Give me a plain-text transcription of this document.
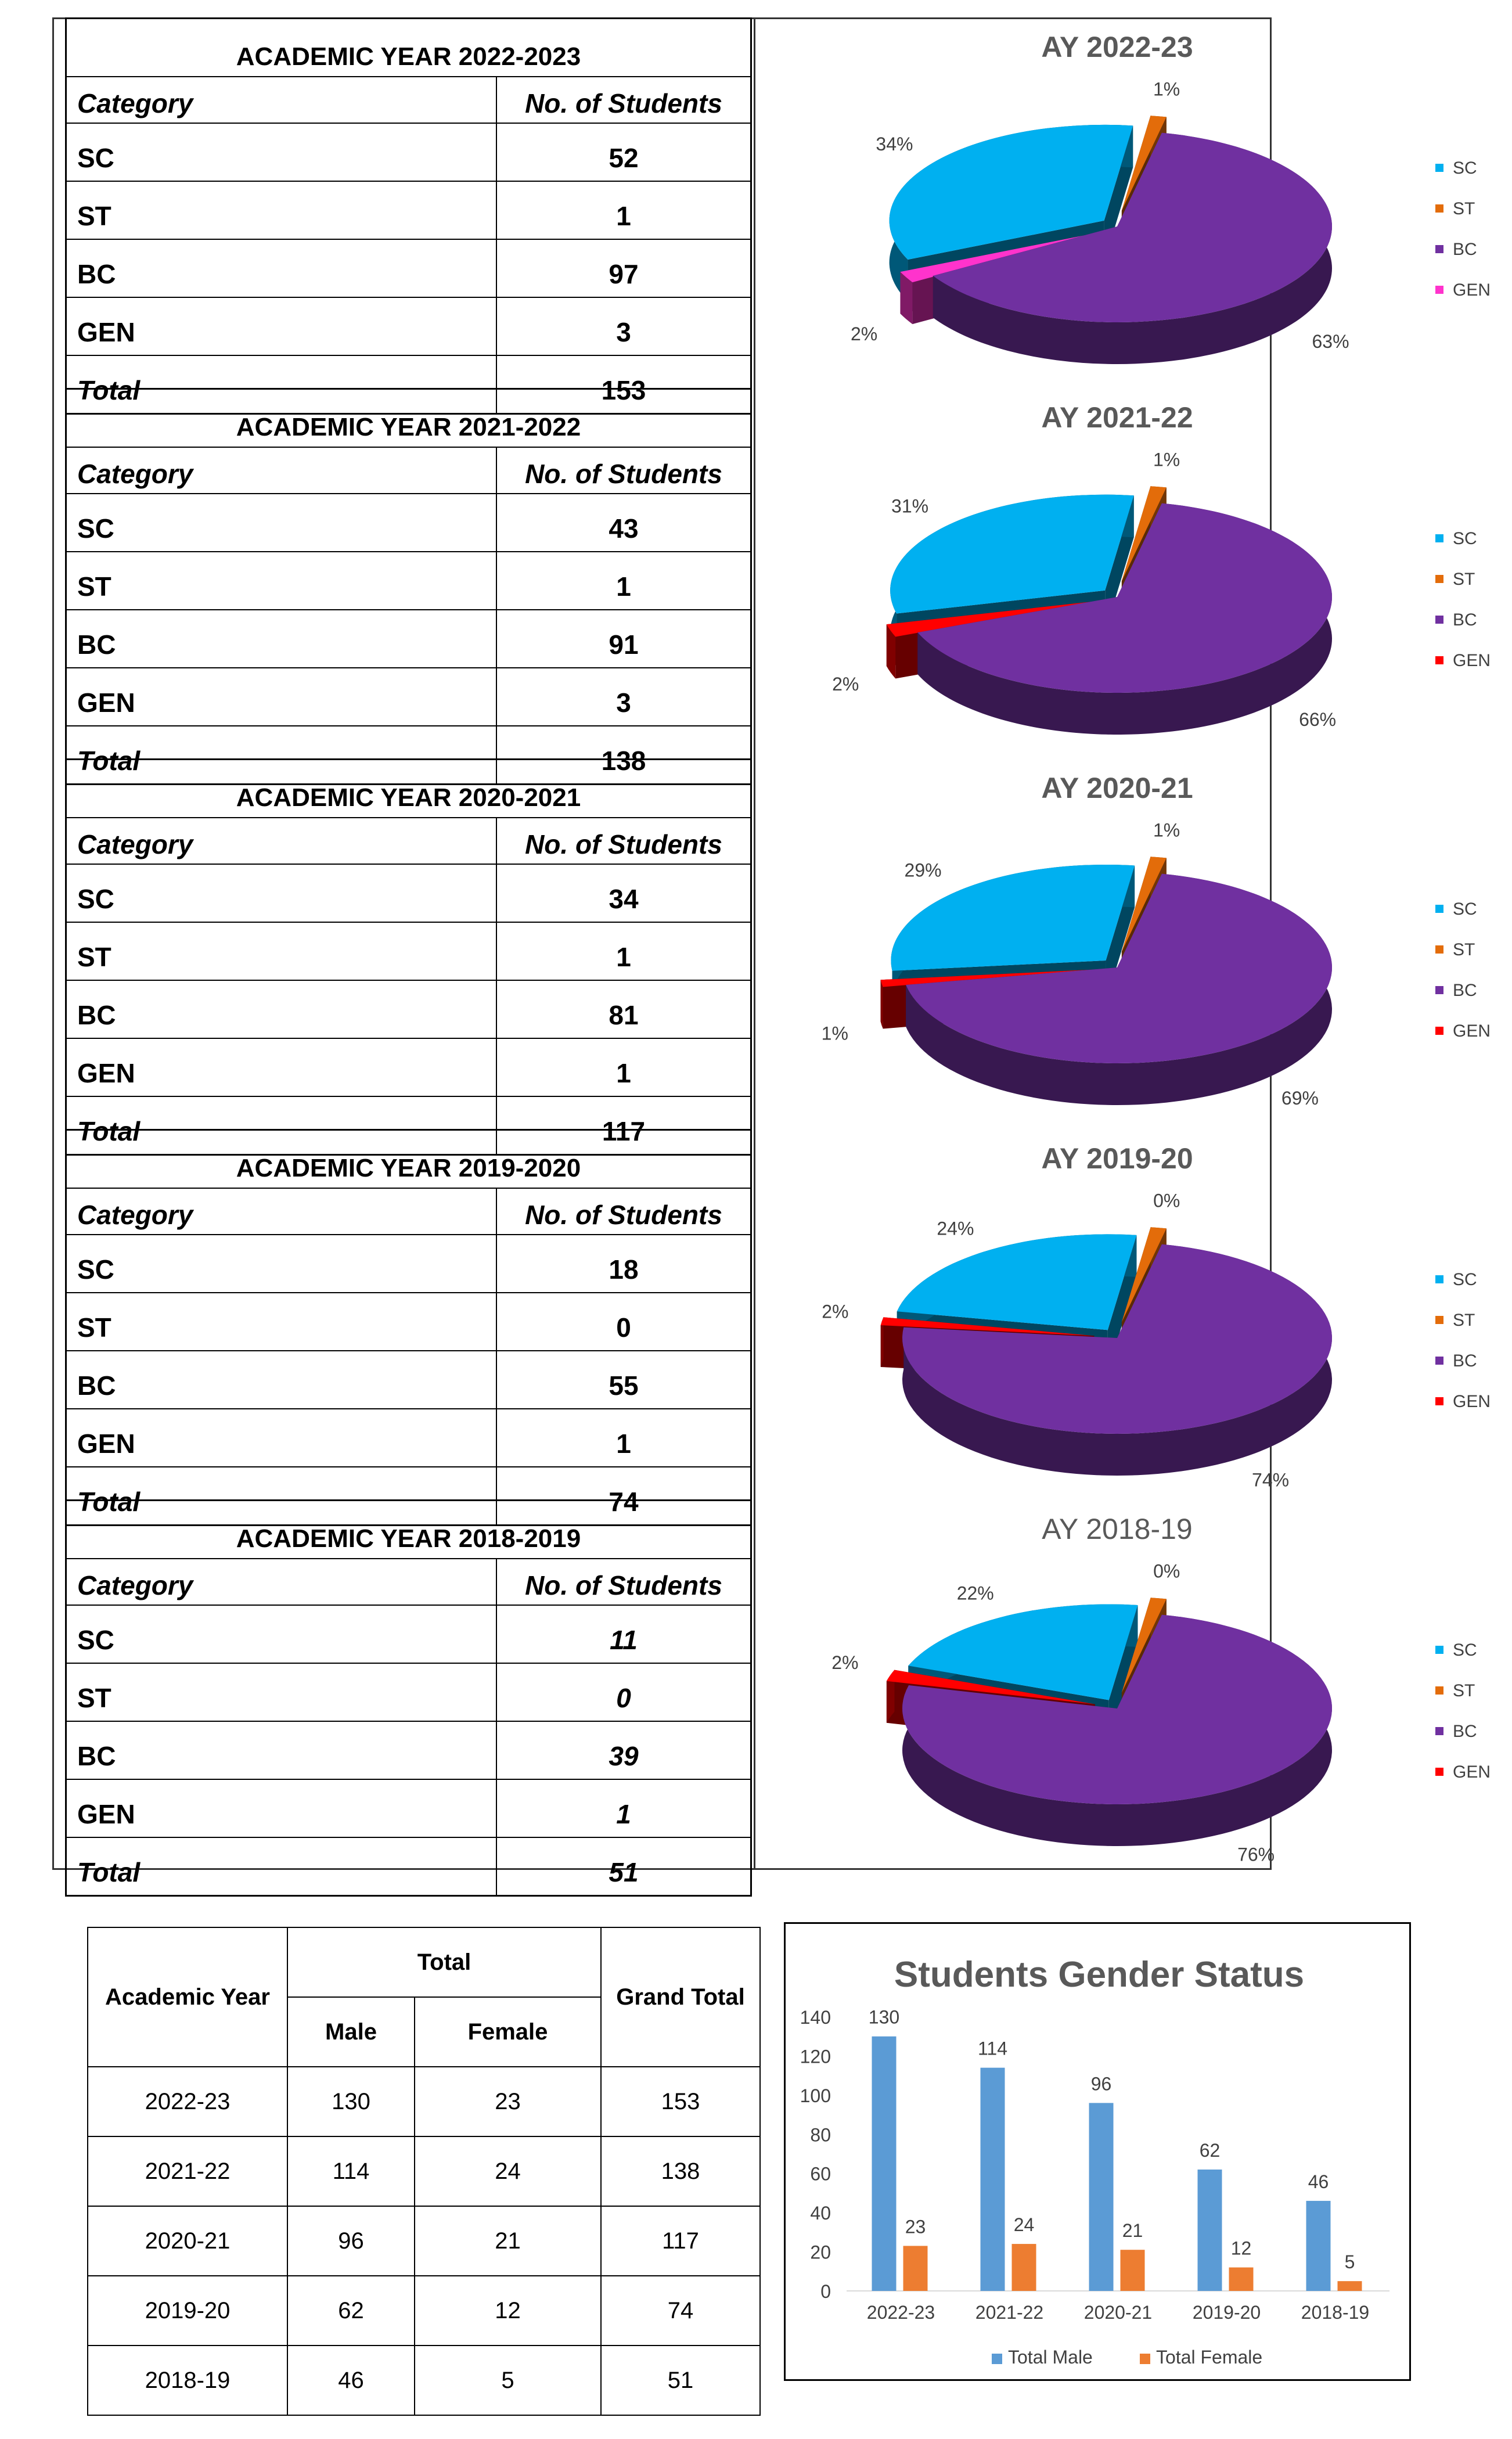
ACADEMIC YEAR 2022-2023	
Category	No. of Students
SC	52
ST	1
BC	97
GEN	3
Total	153
AY 2022-23
34%
1%
2%	63%
SC
ST
BC
GEN
ACADEMIC YEAR 2021-2022	
Category	No. of Students
SC	43
ST	1
BC	91
GEN	3
Total	138
AY 2021-22
31%
1%
2%
66%
SC
ST
BC
GEN
ACADEMIC YEAR 2020-2021	
Category	No. of Students
SC	34
ST	1
BC	81
GEN	1
Total	117
AY 2020-21
29%
1%
1%
69%
SC
ST
BC
GEN
ACADEMIC YEAR 2019-2020	
Category	No. of Students
SC	18
ST	0
BC	55
GEN	1
Total	74
AY 2019-20
24%
0%
2%
74%
SC
ST
BC
GEN
ACADEMIC YEAR 2018-2019	
Category	No. of Students
SC	11
ST	0
BC	39
GEN	1
Total	51
AY 2018-19
22%
0%
2%
76%
SC
ST
BC
GEN
Academic Year	Total		Grand Total
	Male	Female	
2022-23	130	23	153
2021-22	114	24	138
2020-21	96	21	117
2019-20	62	12	74
2018-19	46	5	51
Students Gender Status
0
20
40
60
80
100
120
140 130
23
2022-23
114
24
2021-22
96
21
2020-21
62
12
2019-20
46
5
2018-19
Total Male	Total Female
